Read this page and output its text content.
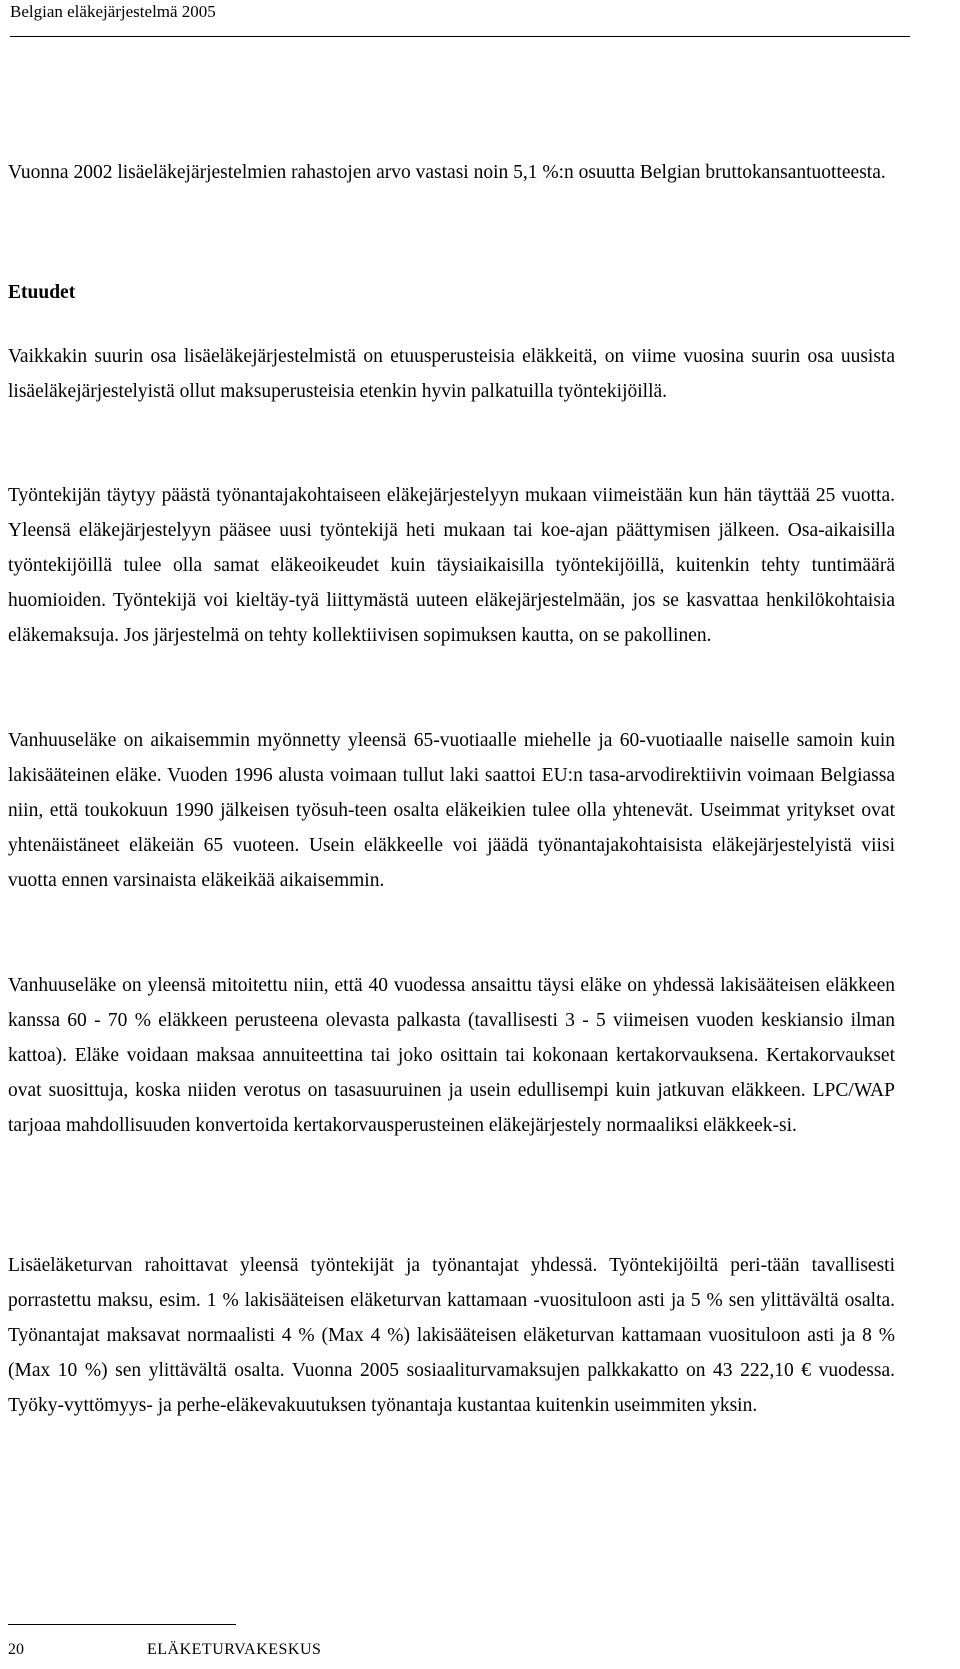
Belgian eläkejärjestelmä 2005
Vuonna 2002 lisäeläkejärjestelmien rahastojen arvo vastasi noin 5,1 %:n osuutta Belgian bruttokansantuotteesta.
Etuudet
Vaikkakin suurin osa lisäeläkejärjestelmistä on etuusperusteisia eläkkeitä, on viime vuosina suurin osa uusista lisäeläkejärjestelyistä ollut maksuperusteisia etenkin hyvin palkatuilla työntekijöillä.
Työntekijän täytyy päästä työnantajakohtaiseen eläkejärjestelyyn mukaan viimeistään kun hän täyttää 25 vuotta. Yleensä eläkejärjestelyyn pääsee uusi työntekijä heti mukaan tai koe-ajan päättymisen jälkeen. Osa-aikaisilla työntekijöillä tulee olla samat eläkeoikeudet kuin täysiaikaisilla työntekijöillä, kuitenkin tehty tuntimäärä huomioiden. Työntekijä voi kieltäy-tyä liittymästä uuteen eläkejärjestelmään, jos se kasvattaa henkilökohtaisia eläkemaksuja. Jos järjestelmä on tehty kollektiivisen sopimuksen kautta, on se pakollinen.
Vanhuuseläke on aikaisemmin myönnetty yleensä 65-vuotiaalle miehelle ja 60-vuotiaalle naiselle samoin kuin lakisääteinen eläke. Vuoden 1996 alusta voimaan tullut laki saattoi EU:n tasa-arvodirektiivin voimaan Belgiassa niin, että toukokuun 1990 jälkeisen työsuh-teen osalta eläkeikien tulee olla yhtenevät. Useimmat yritykset ovat yhtenäistäneet eläkeiän 65 vuoteen. Usein eläkkeelle voi jäädä työnantajakohtaisista eläkejärjestelyistä viisi vuotta ennen varsinaista eläkeikää aikaisemmin.
Vanhuuseläke on yleensä mitoitettu niin, että 40 vuodessa ansaittu täysi eläke on yhdessä lakisääteisen eläkkeen kanssa 60 - 70 % eläkkeen perusteena olevasta palkasta (tavallisesti 3 - 5 viimeisen vuoden keskiansio ilman kattoa). Eläke voidaan maksaa annuiteettina tai joko osittain tai kokonaan kertakorvauksena. Kertakorvaukset ovat suosittuja, koska niiden verotus on tasasuuruinen ja usein edullisempi kuin jatkuvan eläkkeen. LPC/WAP tarjoaa mahdollisuuden konvertoida kertakorvausperusteinen eläkejärjestely normaaliksi eläkkeek-si.
Lisäeläketurvan rahoittavat yleensä työntekijät ja työnantajat yhdessä. Työntekijöiltä peri-tään tavallisesti porrastettu maksu, esim. 1 % lakisääteisen eläketurvan kattamaan -vuosituloon asti ja 5 % sen ylittävältä osalta. Työnantajat maksavat normaalisti 4 % (Max 4 %) lakisääteisen eläketurvan kattamaan vuosituloon asti ja 8 % (Max 10 %) sen ylittävältä osalta. Vuonna 2005 sosiaaliturvamaksujen palkkakatto on 43 222,10 € vuodessa. Työky-vyttömyys- ja perhe-eläkevakuutuksen työnantaja kustantaa kuitenkin useimmiten yksin.
20	ELÄKETURVAKESKUS
